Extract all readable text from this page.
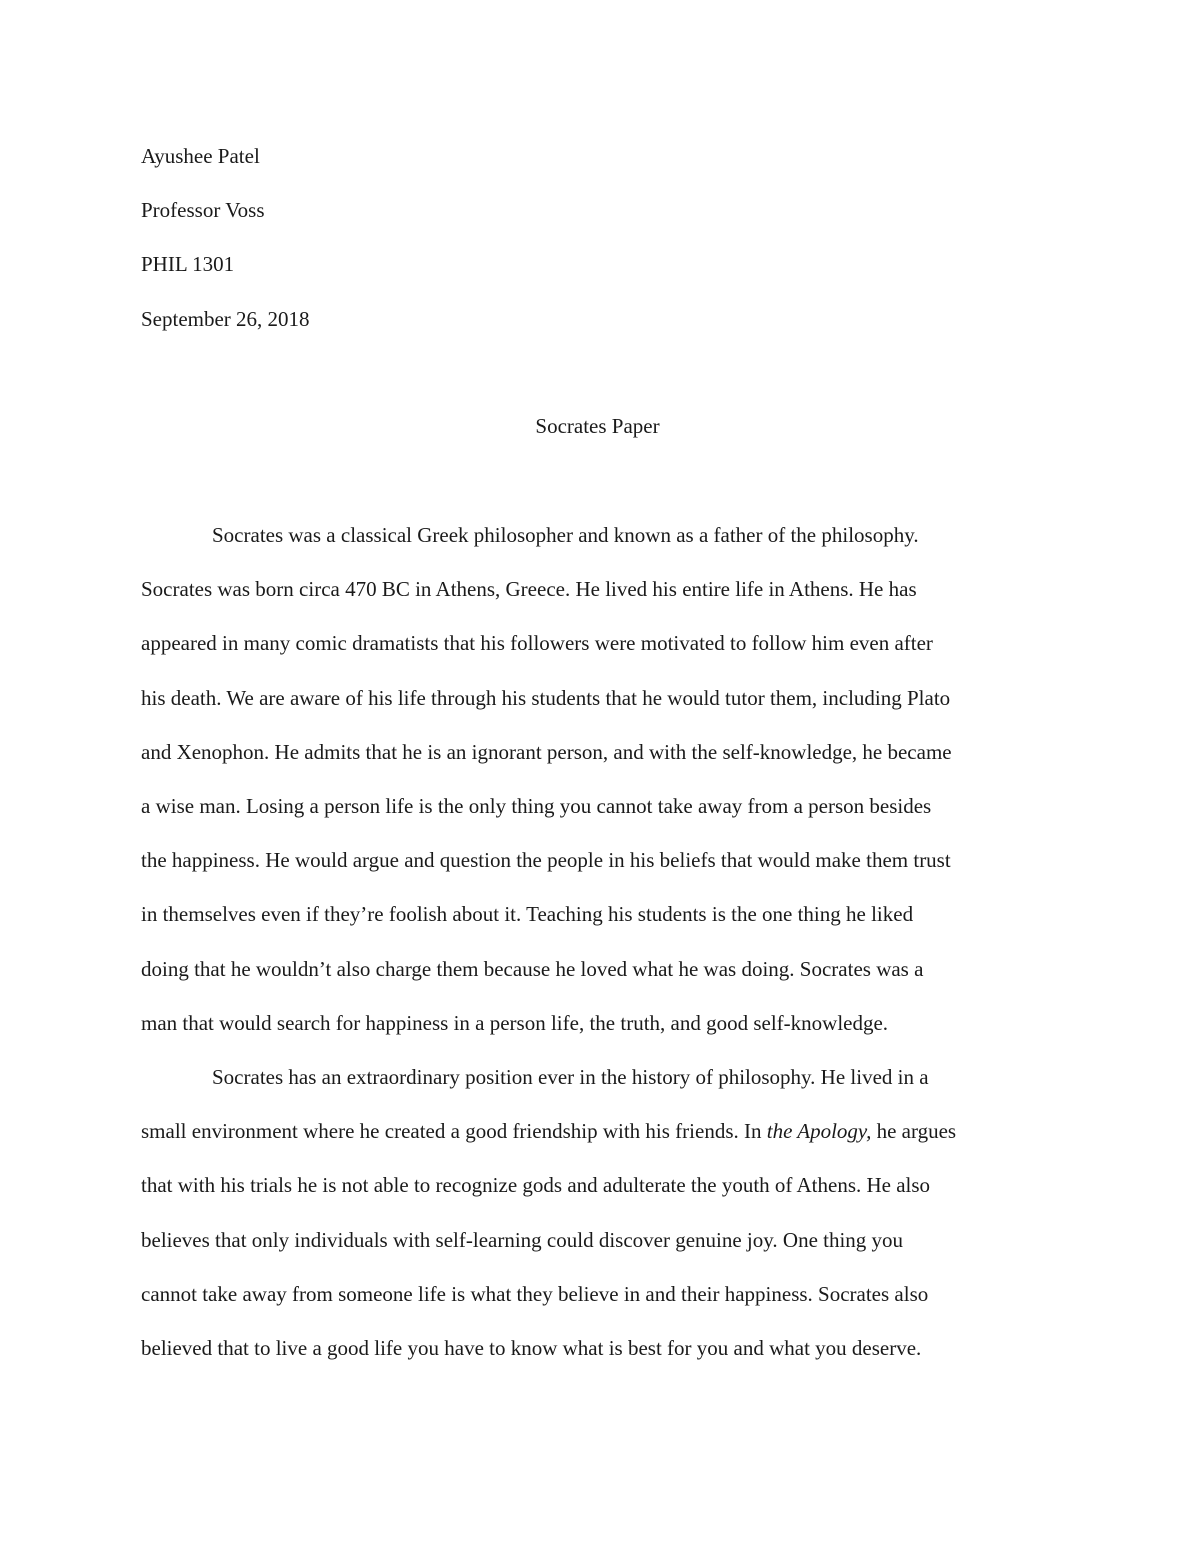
Ayushee Patel
Professor Voss
PHIL 1301
September 26, 2018
Socrates Paper
Socrates was a classical Greek philosopher and known as a father of the philosophy.
Socrates was born circa 470 BC in Athens, Greece. He lived his entire life in Athens. He has
appeared in many comic dramatists that his followers were motivated to follow him even after
his death. We are aware of his life through his students that he would tutor them, including Plato
and Xenophon. He admits that he is an ignorant person, and with the self-knowledge, he became
a wise man. Losing a person life is the only thing you cannot take away from a person besides
the happiness. He would argue and question the people in his beliefs that would make them trust
in themselves even if they’re foolish about it. Teaching his students is the one thing he liked
doing that he wouldn’t also charge them because he loved what he was doing. Socrates was a
man that would search for happiness in a person life, the truth, and good self-knowledge.
Socrates has an extraordinary position ever in the history of philosophy. He lived in a
small environment where he created a good friendship with his friends. In the Apology, he argues
that with his trials he is not able to recognize gods and adulterate the youth of Athens. He also
believes that only individuals with self-learning could discover genuine joy. One thing you
cannot take away from someone life is what they believe in and their happiness. Socrates also
believed that to live a good life you have to know what is best for you and what you deserve.
